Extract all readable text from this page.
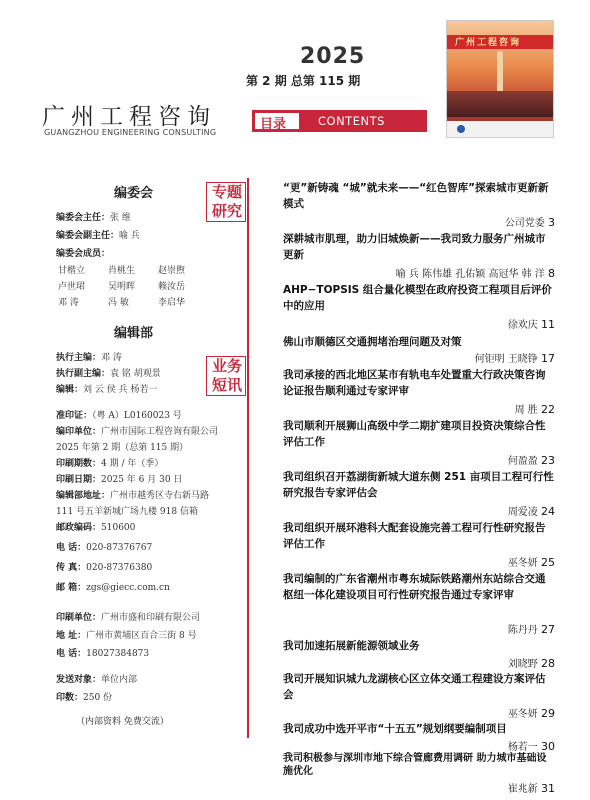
2025
第 2 期 总第 115 期
广州工程咨询
GUANGZHOU ENGINEERING CONSULTING
目录	CONTENTS
广州工程咨询
专题研究
业务短讯
编委会
编委会主任：张 维
编委会副主任：喻 兵
编委会成员：
甘楷立	肖桃生	赵崇煦
卢世珺	吴明晖	赖汝岳
邓 涛	冯 敏	李启华
编辑部
执行主编：邓 涛
执行副主编：袁 铭 胡观景
编辑：刘 云 侯 兵 杨若一
准印证：（粤 A）L0160023 号
编印单位：广州市国际工程咨询有限公司
2025 年第 2 期（总第 115 期）
印刷期数：4 期 / 年（季）
印刷日期：2025 年 6 月 30 日
编辑部地址：广州市越秀区寺右新马路
111 号五羊新城广场九楼 918 信箱
邮政编码：510600
电 话：020-87376767
传 真：020-87376380
邮 箱：zgs@giecc.com.cn
印刷单位：广州市盛和印刷有限公司
地 址：广州市黄埔区百合三街 8 号
电 话：18027384873
发送对象：单位内部
印数：250 份
（内部资料 免费交流）
“更”新铸魂 “城”就未来——“红色智库”探索城市更新新模式
公司党委 3
深耕城市肌理，助力旧城焕新——我司致力服务广州城市更新
喻 兵 陈伟雄 孔佑颖 高冠华 韩 洋 8
AHP−TOPSIS 组合量化模型在政府投资工程项目后评价中的应用
徐欢庆 11
佛山市顺德区交通拥堵治理问题及对策
何钜明 王晓铮 17
我司承接的西北地区某市有轨电车处置重大行政决策咨询论证报告顺利通过专家评审
周 胜 22
我司顺利开展狮山高级中学二期扩建项目投资决策综合性评估工作
何盈盈 23
我司组织召开荔湖街新城大道东侧 251 亩项目工程可行性研究报告专家评估会
周爱凌 24
我司组织开展环港科大配套设施完善工程可行性研究报告评估工作
巫冬妍 25
我司编制的广东省潮州市粤东城际铁路潮州东站综合交通枢纽一体化建设项目可行性研究报告通过专家评审
陈丹丹 27
我司加速拓展新能源领域业务
刘晓野 28
我司开展知识城九龙湖核心区立体交通工程建设方案评估会
巫冬妍 29
我司成功中选开平市“十五五”规划纲要编制项目
杨若一 30
我司积极参与深圳市地下综合管廊费用调研 助力城市基础设施优化
崔兆新 31
